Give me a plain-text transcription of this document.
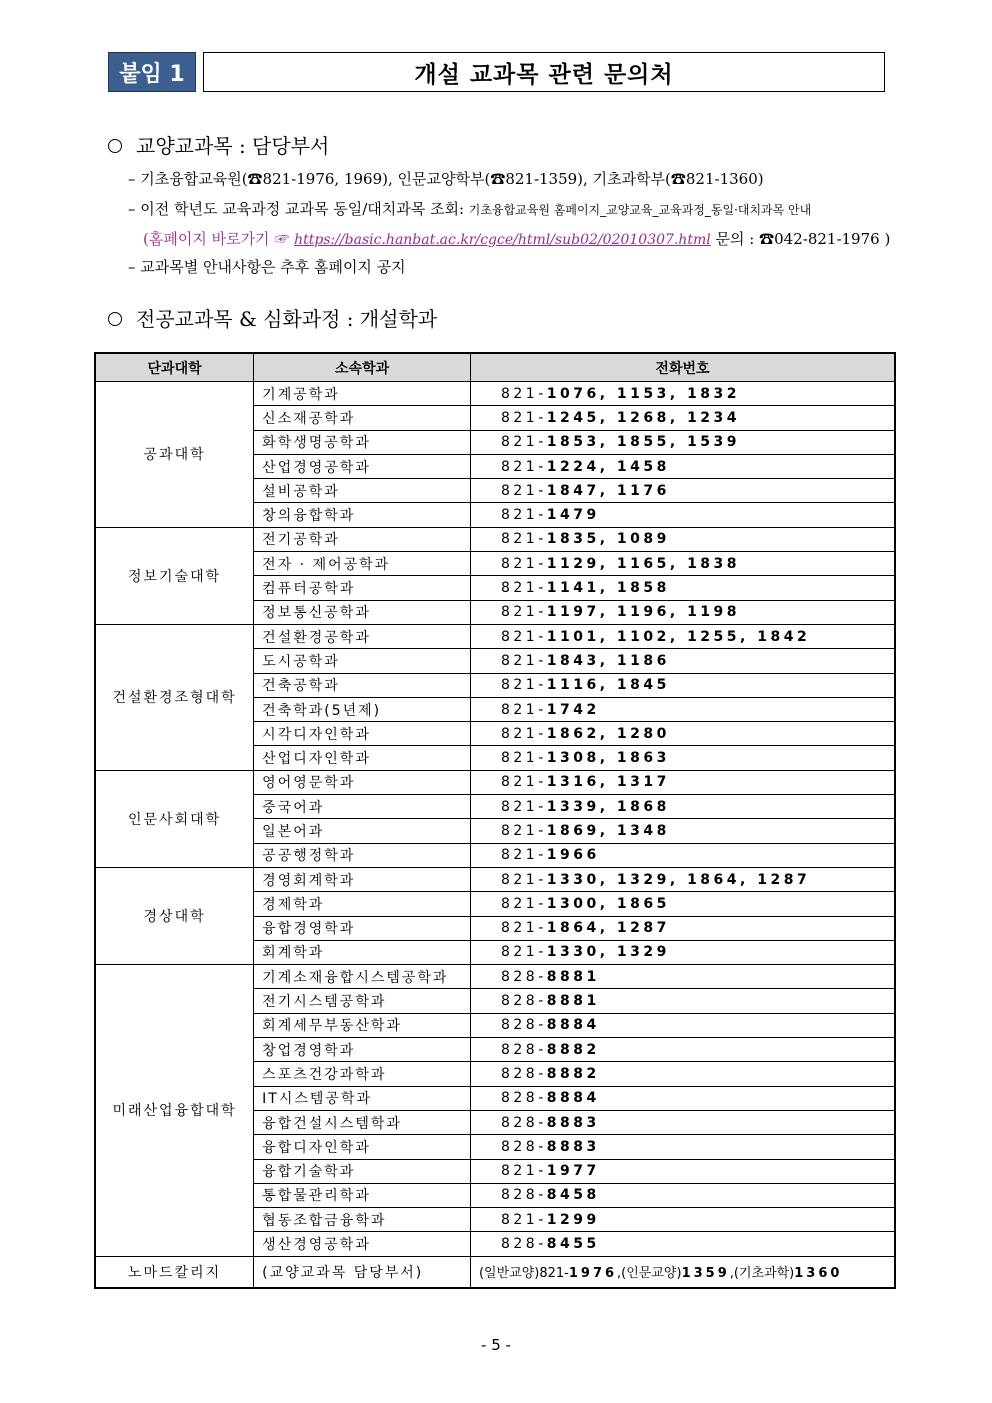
붙임 1	개설 교과목 관련 문의처
교양교과목 : 담당부서
– 기초융합교육원(☎821-1976, 1969), 인문교양학부(☎821-1359), 기초과학부(☎821-1360)
– 이전 학년도 교육과정 교과목 동일/대치과목 조회: 기초융합교육원 홈페이지_교양교육_교육과정_동일·대치과목 안내
(홈페이지 바로가기 ☞ https://basic.hanbat.ac.kr/cgce/html/sub02/02010307.html 문의 : ☎042-821-1976 )
– 교과목별 안내사항은 추후 홈페이지 공지
전공교과목 & 심화과정 : 개설학과
단과대학	소속학과	전화번호
공과대학	기계공학과	821-1076, 1153, 1832
	신소재공학과	821-1245, 1268, 1234
	화학생명공학과	821-1853, 1855, 1539
	산업경영공학과	821-1224, 1458
	설비공학과	821-1847, 1176
	창의융합학과	821-1479
정보기술대학	전기공학과	821-1835, 1089
	전자 · 제어공학과	821-1129, 1165, 1838
	컴퓨터공학과	821-1141, 1858
	정보통신공학과	821-1197, 1196, 1198
건설환경조형대학	건설환경공학과	821-1101, 1102, 1255, 1842
	도시공학과	821-1843, 1186
	건축공학과	821-1116, 1845
	건축학과(5년제)	821-1742
	시각디자인학과	821-1862, 1280
	산업디자인학과	821-1308, 1863
인문사회대학	영어영문학과	821-1316, 1317
	중국어과	821-1339, 1868
	일본어과	821-1869, 1348
	공공행정학과	821-1966
경상대학	경영회계학과	821-1330, 1329, 1864, 1287
	경제학과	821-1300, 1865
	융합경영학과	821-1864, 1287
	회계학과	821-1330, 1329
미래산업융합대학	기계소재융합시스템공학과	828-8881
	전기시스템공학과	828-8881
	회계세무부동산학과	828-8884
	창업경영학과	828-8882
	스포츠건강과학과	828-8882
	IT시스템공학과	828-8884
	융합건설시스템학과	828-8883
	융합디자인학과	828-8883
	융합기술학과	821-1977
	통합물관리학과	828-8458
	협동조합금융학과	821-1299
	생산경영공학과	828-8455
노마드칼리지	(교양교과목 담당부서)	(일반교양)821-1976,(인문교양)1359,(기초과학)1360
- 5 -
